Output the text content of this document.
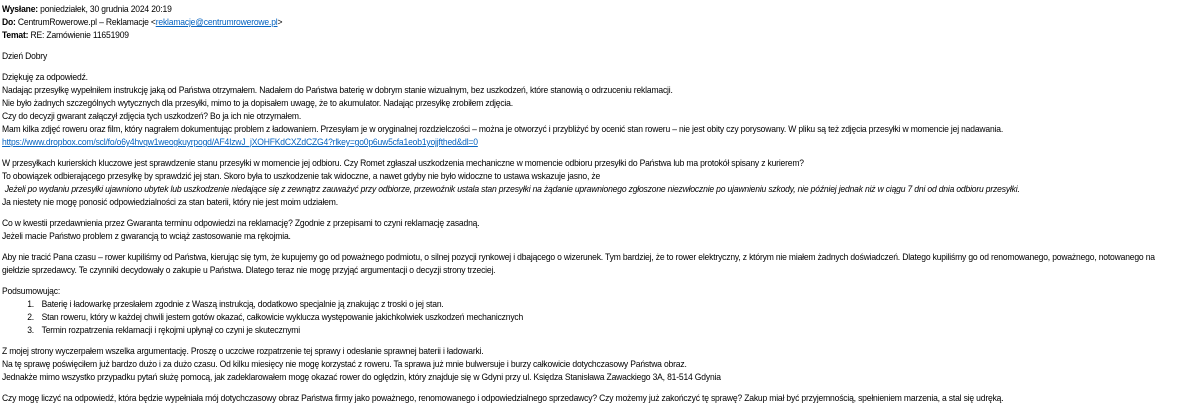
Wysłane: poniedziałek, 30 grudnia 2024 20:19
Do: CentrumRowerowe.pl – Reklamacje <reklamacje@centrumrowerowe.pl>
Temat: RE: Zamówienie 11651909
Dzień Dobry
Dziękuję za odpowiedź.
Nadając przesyłkę wypełniłem instrukcję jaką od Państwa otrzymałem. Nadałem do Państwa baterię w dobrym stanie wizualnym, bez uszkodzeń, które stanowią o odrzuceniu reklamacji.
Nie było żadnych szczególnych wytycznych dla przesyłki, mimo to ja dopisałem uwagę, że to akumulator. Nadając przesyłkę zrobiłem zdjęcia.
Czy do decyzji gwarant załączył zdjęcia tych uszkodzeń? Bo ja ich nie otrzymałem.
Mam kilka zdjęć roweru oraz film, który nagrałem dokumentując problem z ładowaniem. Przesyłam je w oryginalnej rozdzielczości – można je otworzyć i przybliżyć by ocenić stan roweru – nie jest obity czy porysowany. W pliku są też zdjęcia przesyłki w momencie jej nadawania.
https://www.dropbox.com/scl/fo/o6y4hvqw1weogkuyrpogd/AF4IzwJ_jXOHFKdCXZdCZG4?rlkey=go0p6uw5cfa1eob1yojjfthed&dl=0
W przesyłkach kurierskich kluczowe jest sprawdzenie stanu przesyłki w momencie jej odbioru. Czy Romet zgłaszał uszkodzenia mechaniczne w momencie odbioru przesyłki do Państwa lub ma protokół spisany z kurierem?
To obowiązek odbierającego przesyłkę by sprawdzić jej stan. Skoro była to uszkodzenie tak widoczne, a nawet gdyby nie było widoczne to ustawa wskazuje jasno, że
Jeżeli po wydaniu przesyłki ujawniono ubytek lub uszkodzenie niedające się z zewnątrz zauważyć przy odbiorze, przewoźnik ustala stan przesyłki na żądanie uprawnionego zgłoszone niezwłocznie po ujawnieniu szkody, nie później jednak niż w ciągu 7 dni od dnia odbioru przesyłki.
Ja niestety nie mogę ponosić odpowiedzialności za stan baterii, który nie jest moim udziałem.
Co w kwestii przedawnienia przez Gwaranta terminu odpowiedzi na reklamację? Zgodnie z przepisami to czyni reklamację zasadną.
Jeżeli macie Państwo problem z gwarancją to wciąż zastosowanie ma rękojmia.
Aby nie tracić Pana czasu – rower kupiliśmy od Państwa, kierując się tym, że kupujemy go od poważnego podmiotu, o silnej pozycji rynkowej i dbającego o wizerunek. Tym bardziej, że to rower elektryczny, z którym nie miałem żadnych doświadczeń. Dlatego kupiliśmy go od renomowanego, poważnego, notowanego na
giełdzie sprzedawcy. Te czynniki decydowały o zakupie u Państwa. Dlatego teraz nie mogę przyjąć argumentacji o decyzji strony trzeciej.
Podsumowując:
1. Baterię i ładowarkę przesłałem zgodnie z Waszą instrukcją, dodatkowo specjalnie ją znakując z troski o jej stan.
2. Stan roweru, który w każdej chwili jestem gotów okazać, całkowicie wyklucza występowanie jakichkolwiek uszkodzeń mechanicznych
3. Termin rozpatrzenia reklamacji i rękojmi upłynął co czyni je skutecznymi
Z mojej strony wyczerpałem wszelka argumentację. Proszę o uczciwe rozpatrzenie tej sprawy i odesłanie sprawnej baterii i ładowarki.
Na tę sprawę poświęciłem już bardzo dużo i za dużo czasu. Od kilku miesięcy nie mogę korzystać z roweru. Ta sprawa już mnie bulwersuje i burzy całkowicie dotychczasowy Państwa obraz.
Jednakże mimo wszystko przypadku pytań służę pomocą, jak zadeklarowałem mogę okazać rower do oględzin, który znajduje się w Gdyni przy ul. Księdza Stanisława Zawackiego 3A, 81-514 Gdynia
Czy mogę liczyć na odpowiedź, która będzie wypełniała mój dotychczasowy obraz Państwa firmy jako poważnego, renomowanego i odpowiedzialnego sprzedawcy? Czy możemy już zakończyć tę sprawę? Zakup miał być przyjemnością, spełnieniem marzenia, a stal się udręką.
